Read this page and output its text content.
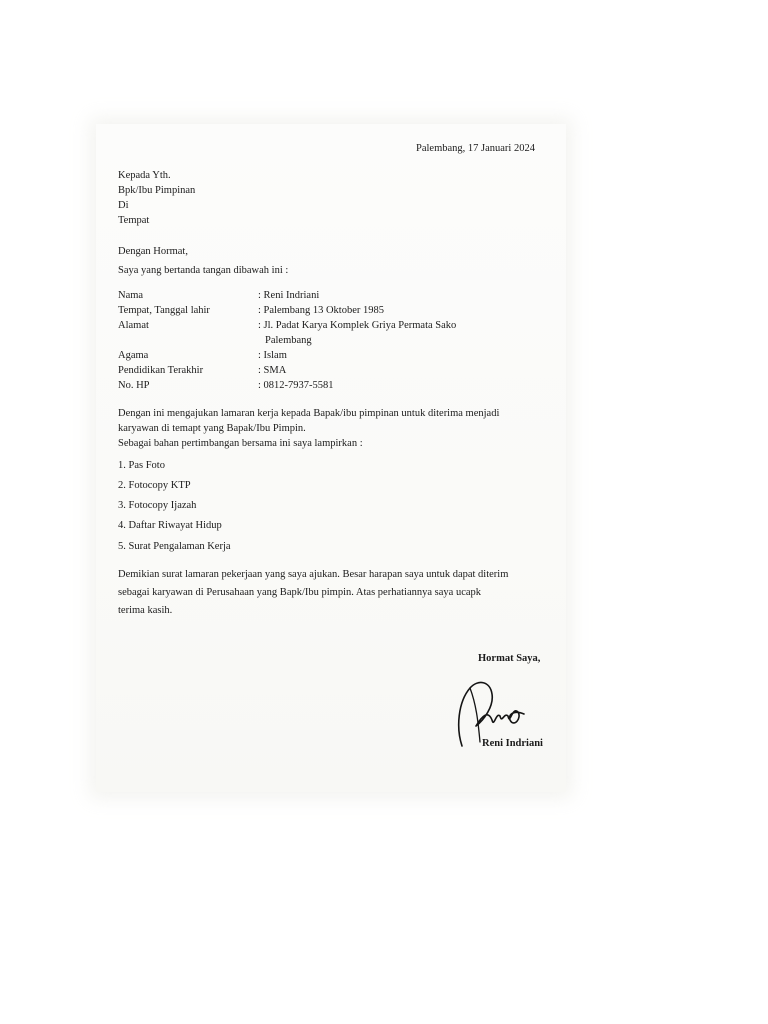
Palembang, 17 Januari 2024

Kepada Yth.

Bpk/Ibu Pimpinan

Di

Tempat

Dengan Hormat,

Saya yang bertanda tangan dibawah ini :

Nama	: Reni Indriani

Tempat, Tanggal lahir	: Palembang 13 Oktober 1985

Alamat	: Jl. Padat Karya Komplek Griya Permata Sako

Palembang

Agama	: Islam

Pendidikan Terakhir	: SMA

No. HP	: 0812-7937-5581

Dengan ini mengajukan lamaran kerja kepada Bapak/ibu pimpinan untuk diterima menjadi

karyawan di temapt yang Bapak/Ibu Pimpin.

Sebagai bahan pertimbangan bersama ini saya lampirkan :

1. Pas Foto

2. Fotocopy KTP

3. Fotocopy Ijazah

4. Daftar Riwayat Hidup

5. Surat Pengalaman Kerja

Demikian surat lamaran pekerjaan yang saya ajukan. Besar harapan saya untuk dapat diterim
sebagai karyawan di Perusahaan yang Bapk/Ibu pimpin. Atas perhatiannya saya ucapk

terima kasih.

Hormat Saya,

Reni Indriani
